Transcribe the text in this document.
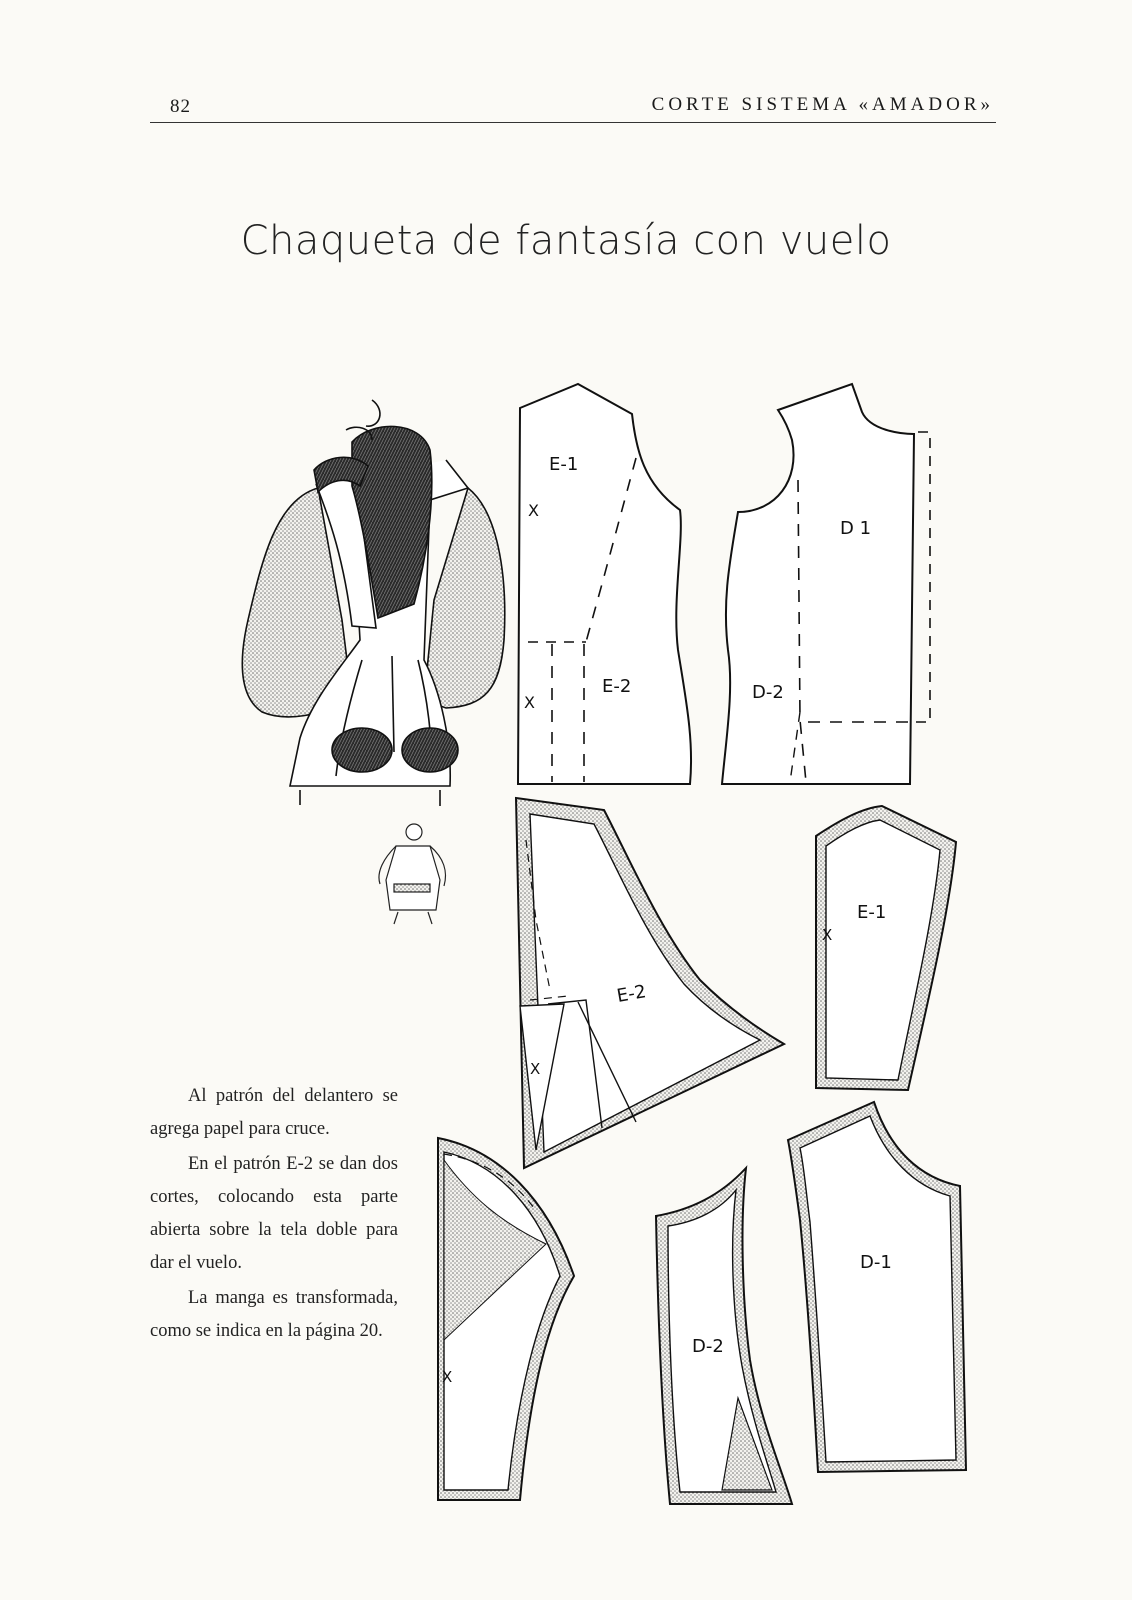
82	CORTE SISTEMA «AMADOR»
Chaqueta de fantasía con vuelo
E-1
X
E-2
X
D 1
D-2
E-2
X
E-1
X
X
D-2
D-1

Al patrón del delantero se agrega papel para cruce.

En el patrón E-2 se dan dos cortes, colocando esta parte abierta sobre la tela doble para dar el vuelo.

La manga es transformada, como se indica en la página 20.
